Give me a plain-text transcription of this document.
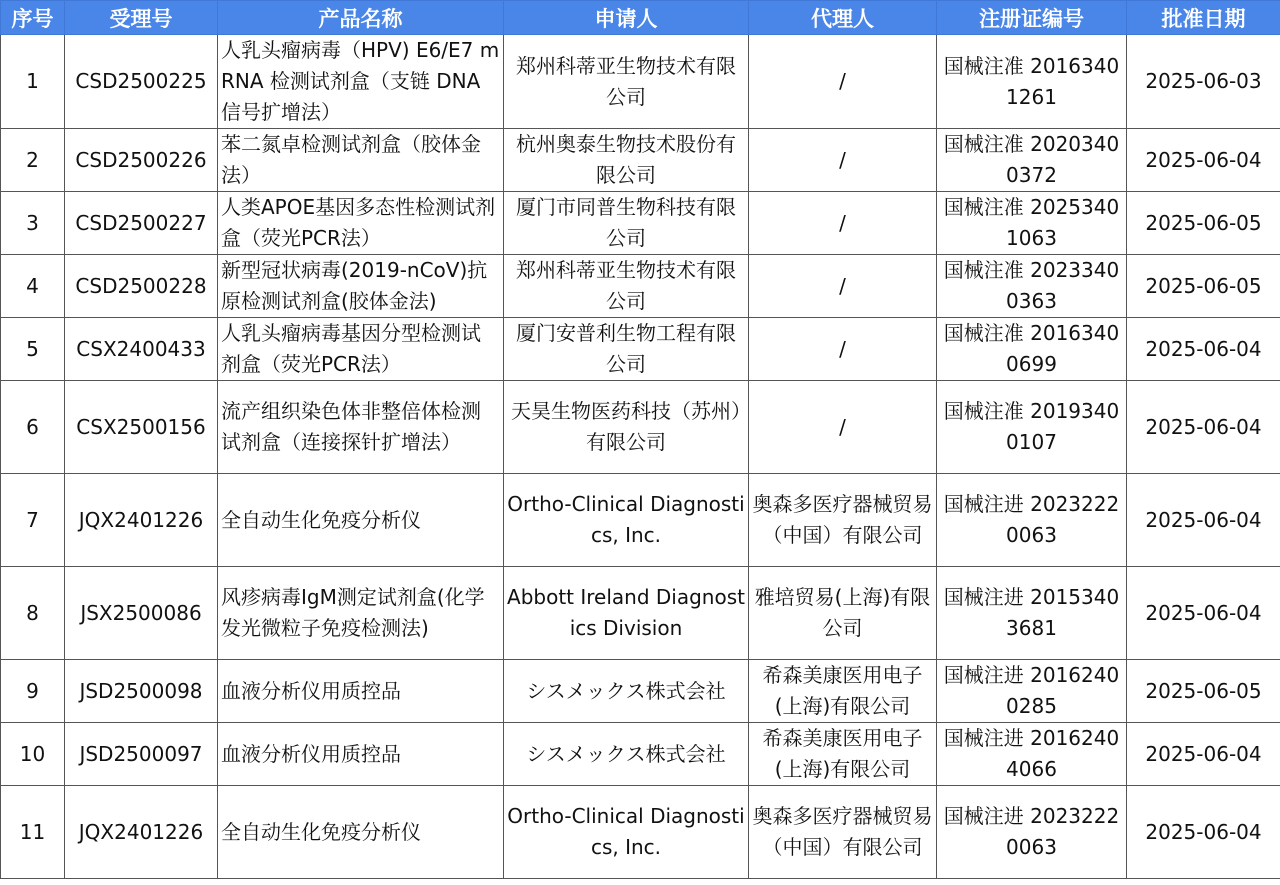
序号	受理号	产品名称	申请人	代理人	注册证编号	批准日期
1	CSD2500225	人乳头瘤病毒（HPV) E6/E7 mRNA 检测试剂盒（支链 DNA 信号扩增法）	郑州科蒂亚生物技术有限公司	/	国械注准 20163401261	2025-06-03
2	CSD2500226	苯二氮卓检测试剂盒（胶体金法）	杭州奥泰生物技术股份有限公司	/	国械注准 20203400372	2025-06-04
3	CSD2500227	人类APOE基因多态性检测试剂盒（荧光PCR法）	厦门市同普生物科技有限公司	/	国械注准 20253401063	2025-06-05
4	CSD2500228	新型冠状病毒(2019-nCoV)抗原检测试剂盒(胶体金法)	郑州科蒂亚生物技术有限公司	/	国械注准 20233400363	2025-06-05
5	CSX2400433	人乳头瘤病毒基因分型检测试剂盒（荧光PCR法）	厦门安普利生物工程有限公司	/	国械注准 20163400699	2025-06-04
6	CSX2500156	流产组织染色体非整倍体检测试剂盒（连接探针扩增法）	天昊生物医药科技（苏州）有限公司	/	国械注准 20193400107	2025-06-04
7	JQX2401226	全自动生化免疫分析仪	Ortho-Clinical Diagnostics, Inc.	奥森多医疗器械贸易（中国）有限公司	国械注进 20232220063	2025-06-04
8	JSX2500086	风疹病毒IgM测定试剂盒(化学发光微粒子免疫检测法)	Abbott Ireland Diagnostics Division	雅培贸易(上海)有限公司	国械注进 20153403681	2025-06-04
9	JSD2500098	血液分析仪用质控品	シスメックス株式会社	希森美康医用电子(上海)有限公司	国械注进 20162400285	2025-06-05
10	JSD2500097	血液分析仪用质控品	シスメックス株式会社	希森美康医用电子(上海)有限公司	国械注进 20162404066	2025-06-04
11	JQX2401226	全自动生化免疫分析仪	Ortho-Clinical Diagnostics, Inc.	奥森多医疗器械贸易（中国）有限公司	国械注进 20232220063	2025-06-04
